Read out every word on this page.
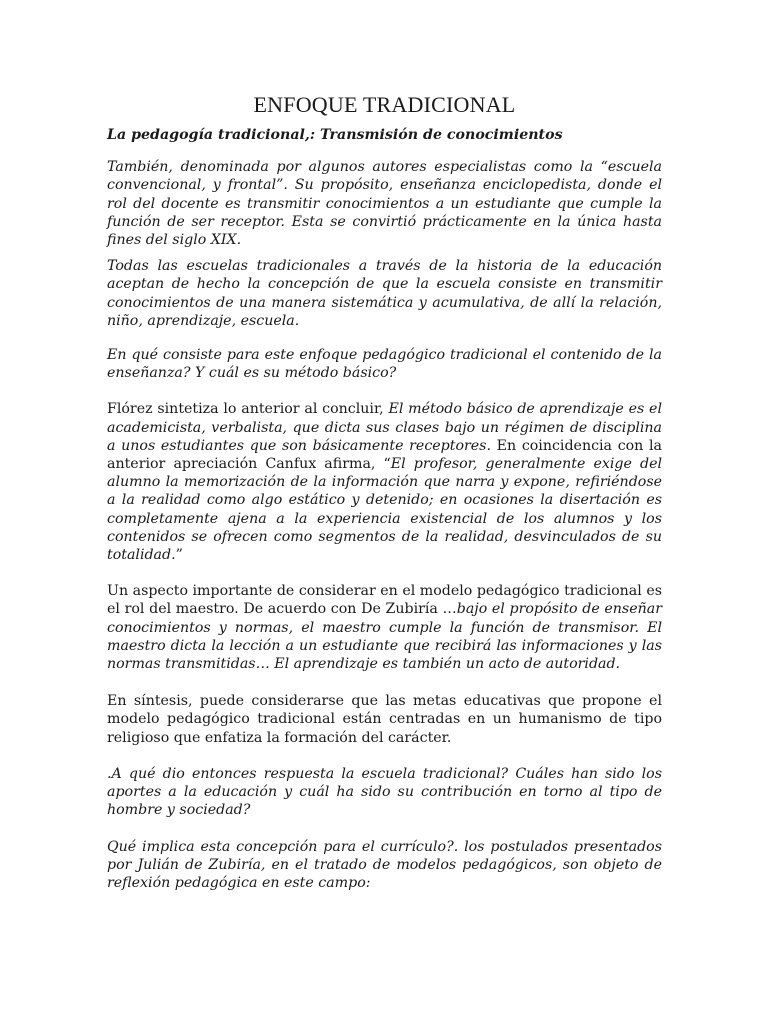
ENFOQUE TRADICIONAL
La pedagogía tradicional,: Transmisión de conocimientos

También, denominada por algunos autores especialistas como la “escuela convencional, y frontal”. Su propósito, enseñanza enciclopedista, donde el rol del docente es transmitir conocimientos a un estudiante que cumple la función de ser receptor. Esta se convirtió prácticamente en la única hasta fines del siglo XIX.

Todas las escuelas tradicionales a través de la historia de la educación aceptan de hecho la concepción de que la escuela consiste en transmitir conocimientos de una manera sistemática y acumulativa, de allí la relación, niño, aprendizaje, escuela.

En qué consiste para este enfoque pedagógico tradicional el contenido de la enseñanza? Y cuál es su método básico?

Flórez sintetiza lo anterior al concluir, El método básico de aprendizaje es el academicista, verbalista, que dicta sus clases bajo un régimen de disciplina a unos estudiantes que son básicamente receptores. En coincidencia con la anterior apreciación Canfux afirma, “El profesor, generalmente exige del alumno la memorización de la información que narra y expone, refiriéndose a la realidad como algo estático y detenido; en ocasiones la disertación es completamente ajena a la experiencia existencial de los alumnos y los contenidos se ofrecen como segmentos de la realidad, desvinculados de su totalidad.”

Un aspecto importante de considerar en el modelo pedagógico tradicional es el rol del maestro. De acuerdo con De Zubiría …bajo el propósito de enseñar conocimientos y normas, el maestro cumple la función de transmisor. El maestro dicta la lección a un estudiante que recibirá las informaciones y las normas transmitidas… El aprendizaje es también un acto de autoridad.

En síntesis, puede considerarse que las metas educativas que propone el modelo pedagógico tradicional están centradas en un humanismo de tipo religioso que enfatiza la formación del carácter.

.A qué dio entonces respuesta la escuela tradicional? Cuáles han sido los aportes a la educación y cuál ha sido su contribución en torno al tipo de hombre y sociedad?

Qué implica esta concepción para el currículo?. los postulados presentados por Julián de Zubiría, en el tratado de modelos pedagógicos, son objeto de reflexión pedagógica en este campo:
